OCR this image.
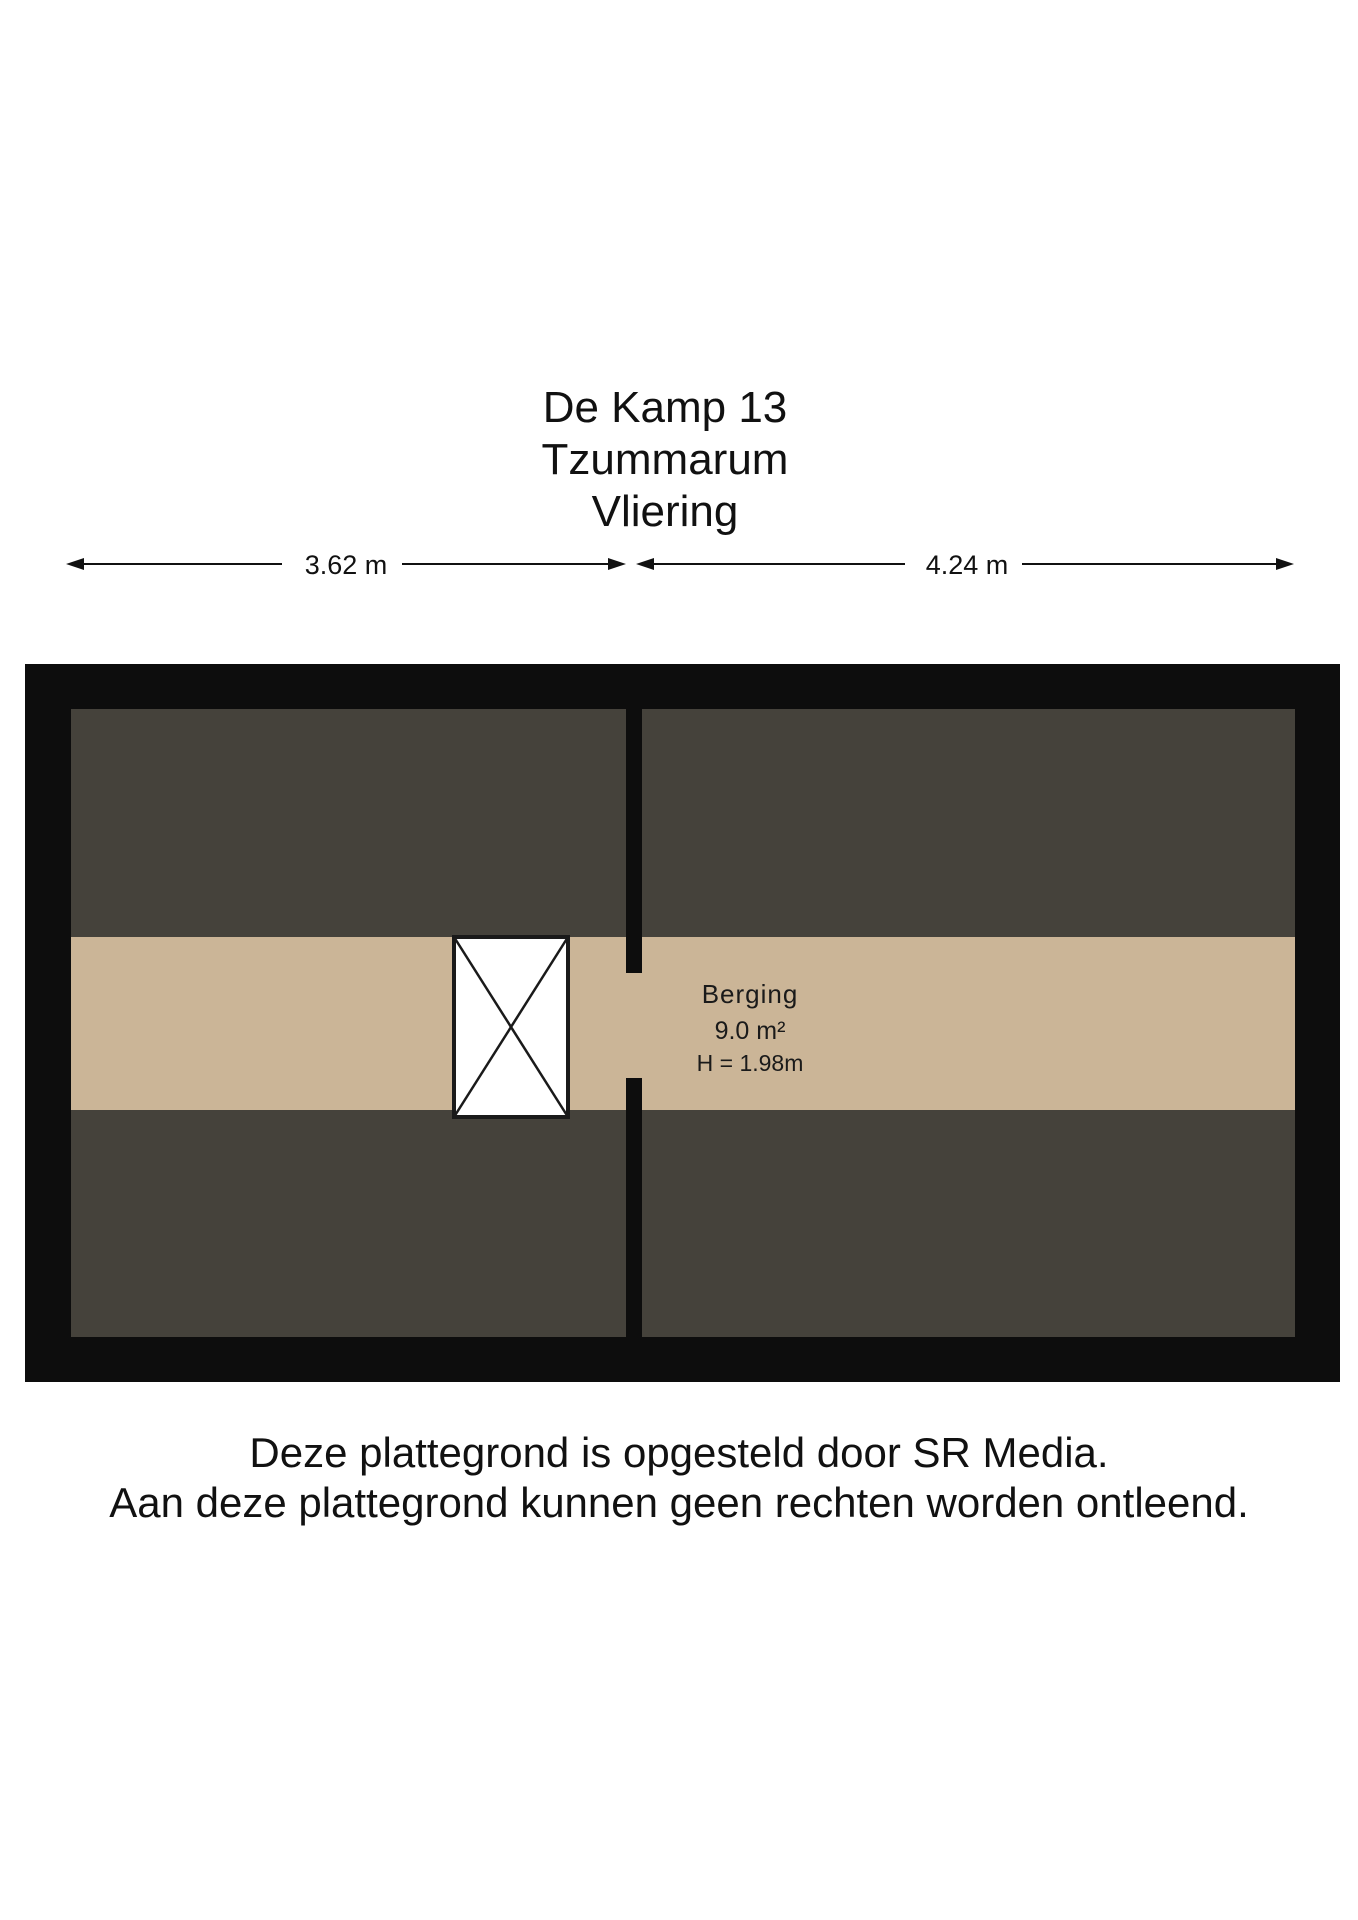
De Kamp 13
Tzummarum
Vliering
3.62 m	4.24 m
Berging
9.0 m²
H = 1.98m
Deze plattegrond is opgesteld door SR Media.
Aan deze plattegrond kunnen geen rechten worden ontleend.
